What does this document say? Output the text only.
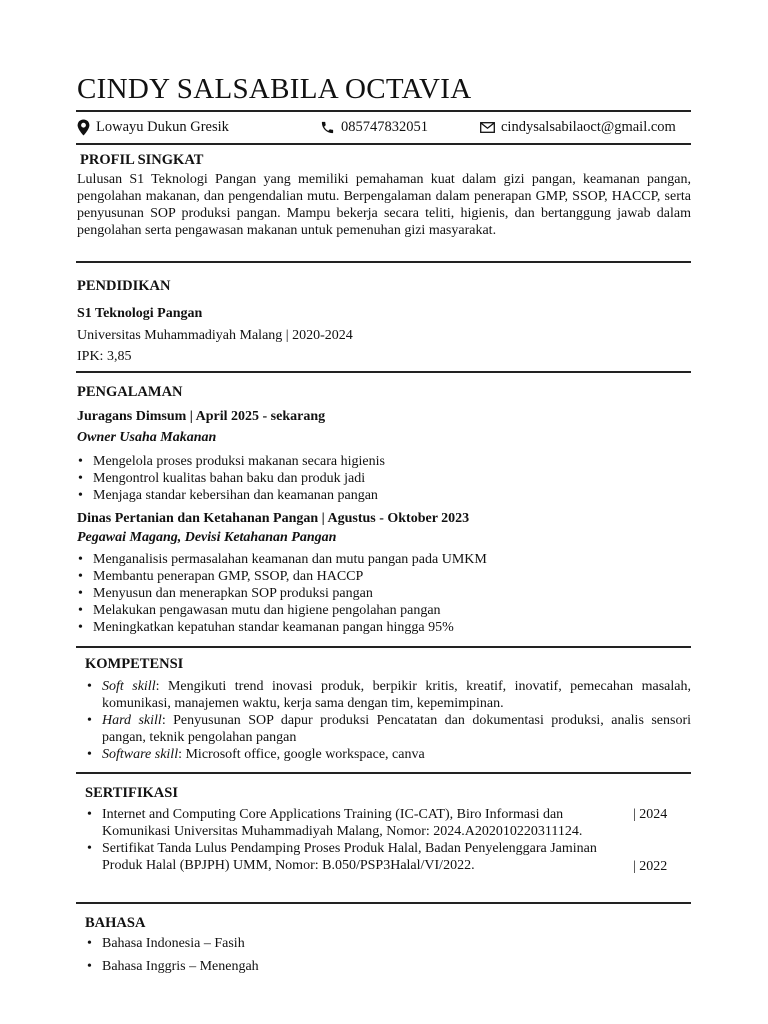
CINDY SALSABILA OCTAVIA
Lowayu Dukun Gresik	085747832051	cindysalsabilaoct@gmail.com
PROFIL SINGKAT
Lulusan S1 Teknologi Pangan yang memiliki pemahaman kuat dalam gizi pangan, keamanan pangan, pengolahan makanan, dan pengendalian mutu. Berpengalaman dalam penerapan GMP, SSOP, HACCP, serta penyusunan SOP produksi pangan. Mampu bekerja secara teliti, higienis, dan bertanggung jawab dalam pengolahan serta pengawasan makanan untuk pemenuhan gizi masyarakat.
PENDIDIKAN
S1 Teknologi Pangan
Universitas Muhammadiyah Malang | 2020-2024
IPK: 3,85
PENGALAMAN
Juragans Dimsum | April 2025 - sekarang
Owner Usaha Makanan
• Mengelola proses produksi makanan secara higienis
• Mengontrol kualitas bahan baku dan produk jadi
• Menjaga standar kebersihan dan keamanan pangan
Dinas Pertanian dan Ketahanan Pangan | Agustus - Oktober 2023
Pegawai Magang, Devisi Ketahanan Pangan
• Menganalisis permasalahan keamanan dan mutu pangan pada UMKM
• Membantu penerapan GMP, SSOP, dan HACCP
• Menyusun dan menerapkan SOP produksi pangan
• Melakukan pengawasan mutu dan higiene pengolahan pangan
• Meningkatkan kepatuhan standar keamanan pangan hingga 95%
KOMPETENSI
• Soft skill: Mengikuti trend inovasi produk, berpikir kritis, kreatif, inovatif, pemecahan masalah, komunikasi, manajemen waktu, kerja sama dengan tim, kepemimpinan.
• Hard skill: Penyusunan SOP dapur produksi Pencatatan dan dokumentasi produksi, analis sensori pangan, teknik pengolahan pangan
• Software skill: Microsoft office, google workspace, canva
SERTIFIKASI
• Internet and Computing Core Applications Training (IC-CAT), Biro Informasi dan Komunikasi Universitas Muhammadiyah Malang, Nomor: 2024.A202010220311124.
• Sertifikat Tanda Lulus Pendamping Proses Produk Halal, Badan Penyelenggara Jaminan Produk Halal (BPJPH) UMM, Nomor: B.050/PSP3Halal/VI/2022.
| 2024
| 2022
BAHASA
• Bahasa Indonesia – Fasih
• Bahasa Inggris – Menengah
